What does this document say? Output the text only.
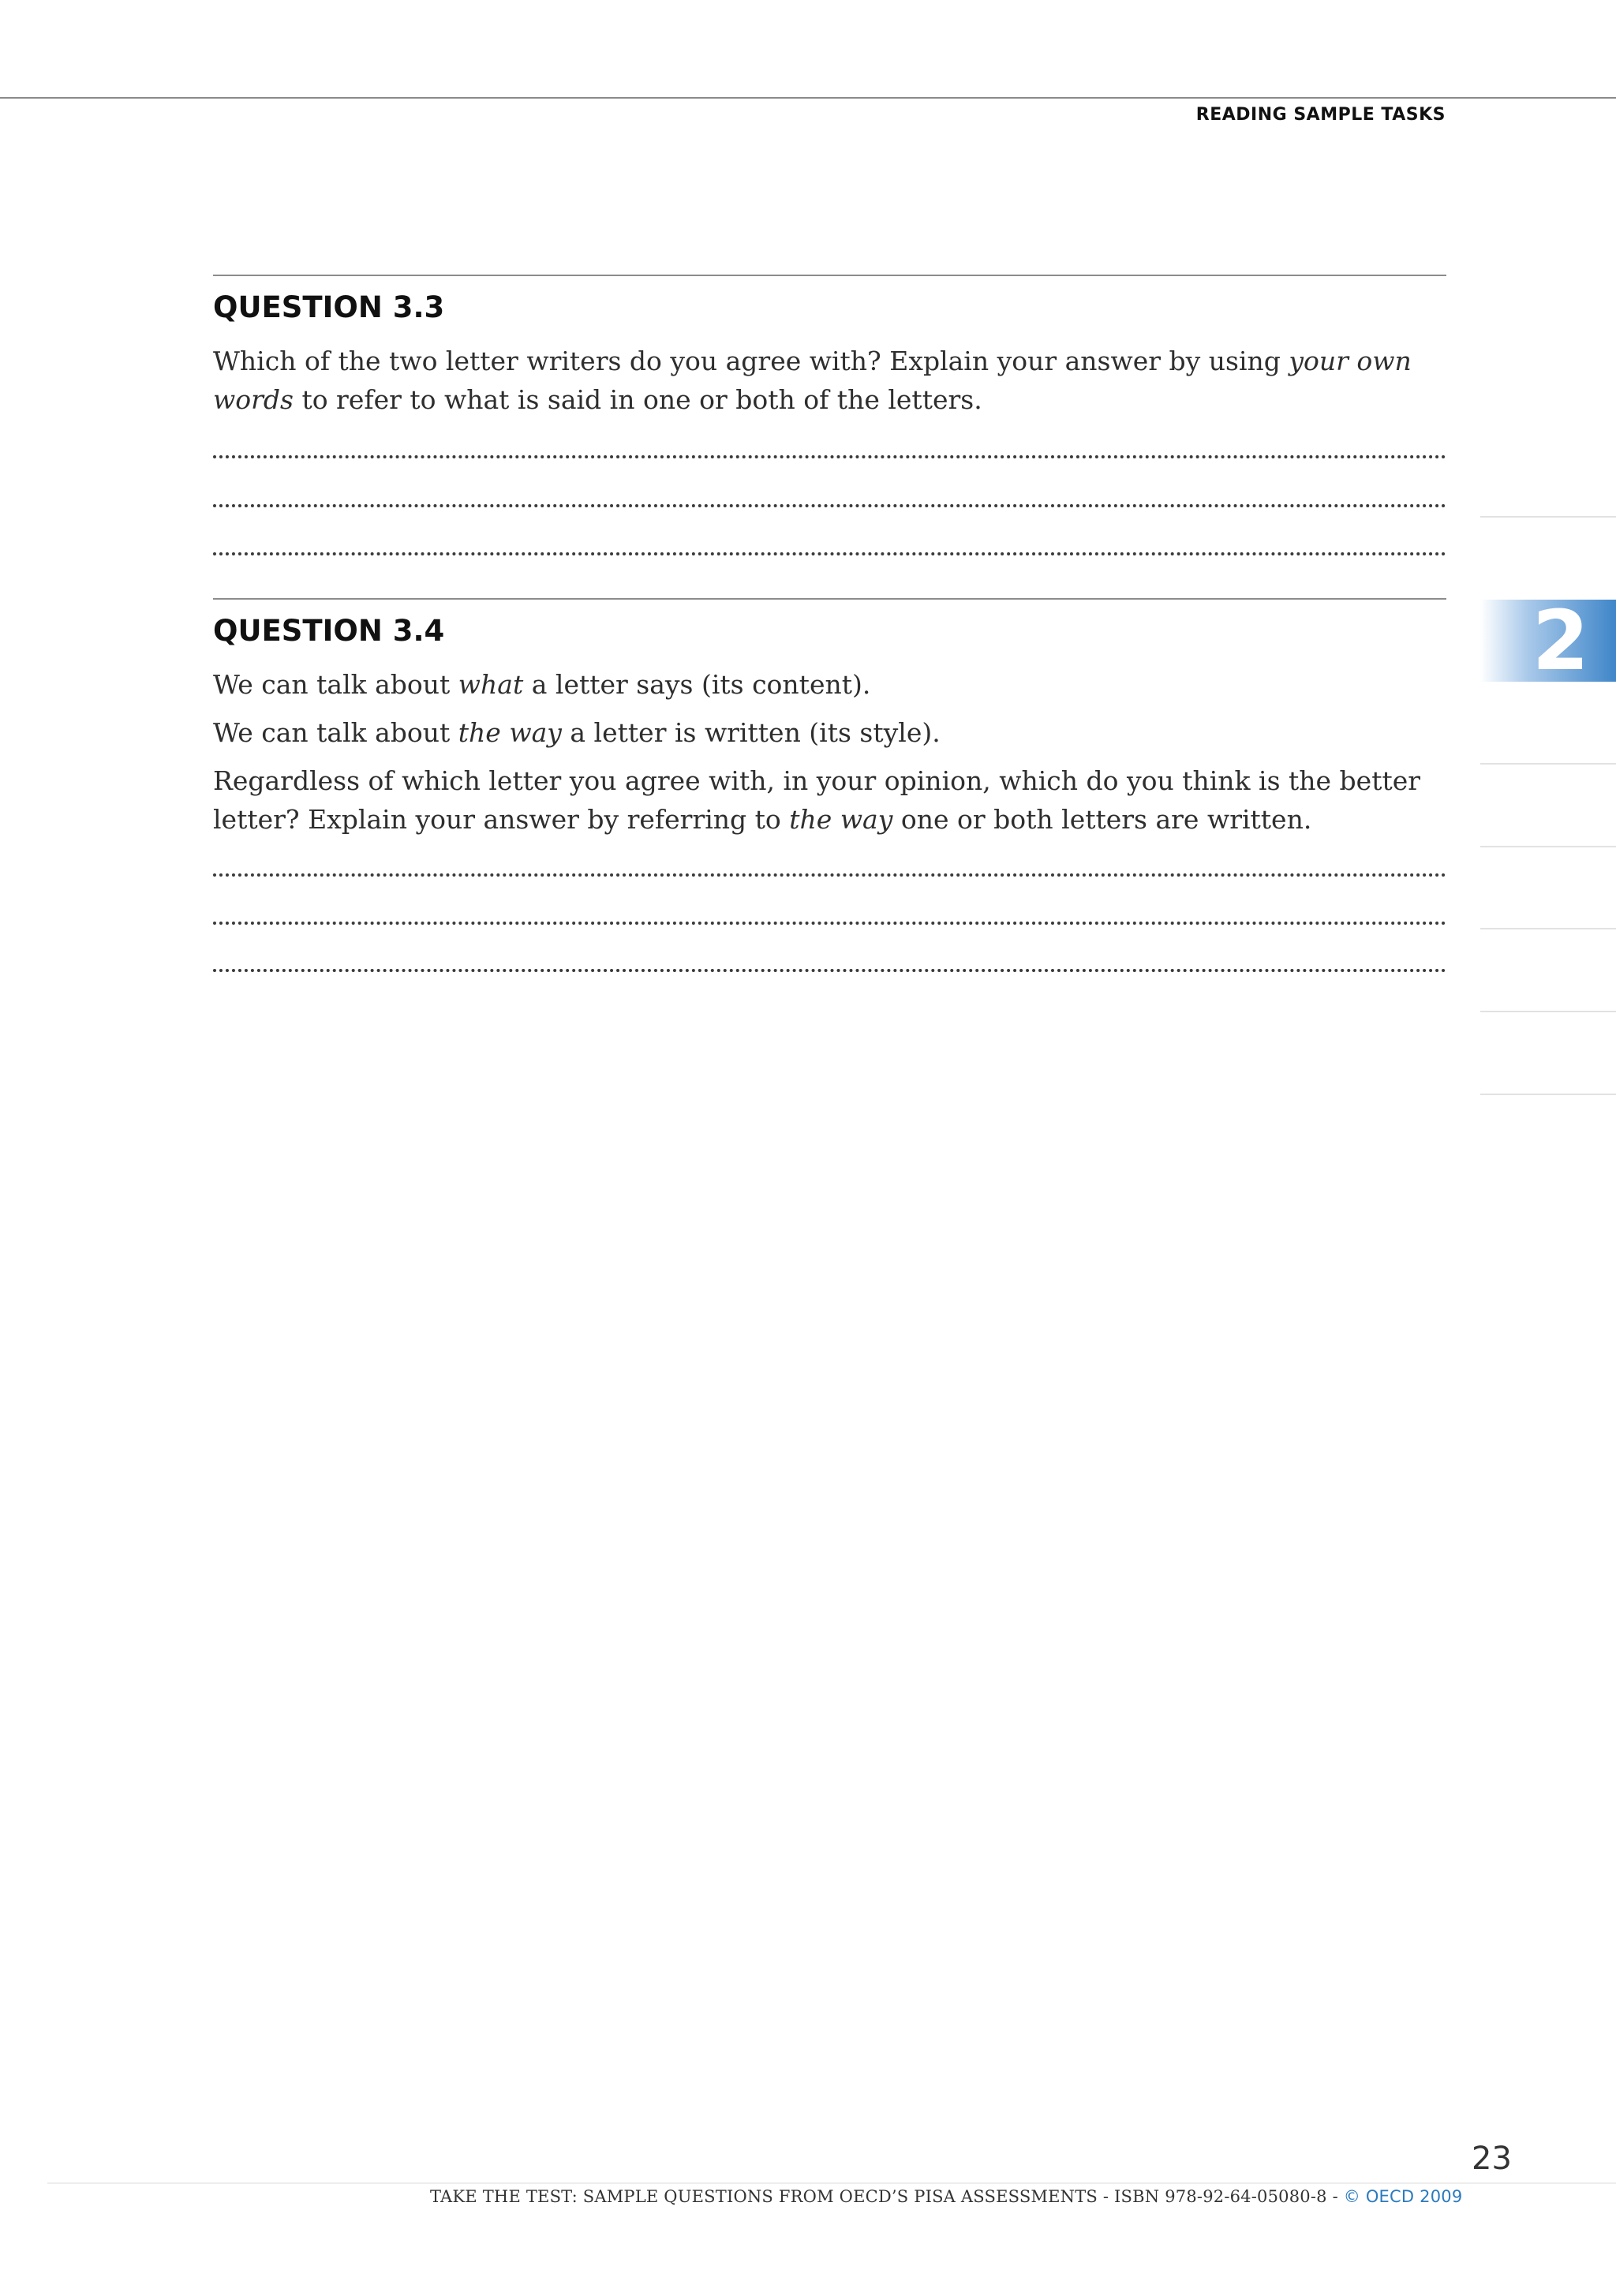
READING SAMPLE TASKS
QUESTION 3.3

Which of the two letter writers do you agree with? Explain your answer by using your own words to refer to what is said in one or both of the letters.

QUESTION 3.4

We can talk about what a letter says (its content).

We can talk about the way a letter is written (its style).

Regardless of which letter you agree with, in your opinion, which do you think is the better letter? Explain your answer by referring to the way one or both letters are written.

2
23
TAKE THE TEST: SAMPLE QUESTIONS FROM OECD’S PISA ASSESSMENTS - ISBN 978-92-64-05080-8 - © OECD 2009
